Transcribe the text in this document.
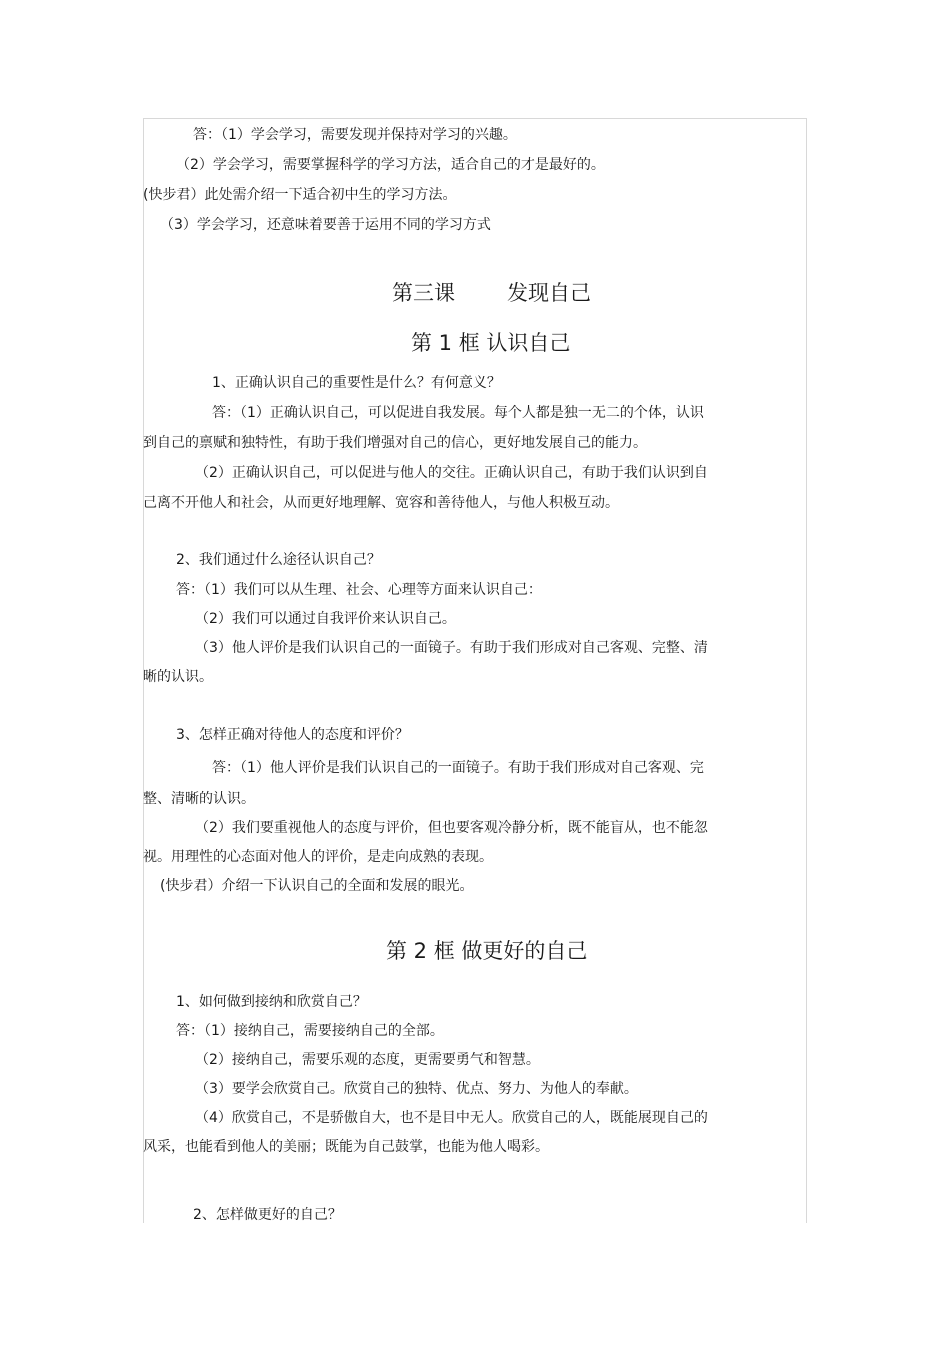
答：（1）学会学习，需要发现并保持对学习的兴趣。
（2）学会学习，需要掌握科学的学习方法，适合自己的才是最好的。
(快步君）此处需介绍一下适合初中生的学习方法。
（3）学会学习，还意味着要善于运用不同的学习方式
第三课 发现自己
第 1 框 认识自己
1、正确认识自己的重要性是什么？有何意义？
答：（1）正确认识自己，可以促进自我发展。每个人都是独一无二的个体，认识
到自己的禀赋和独特性，有助于我们增强对自己的信心，更好地发展自己的能力。
（2）正确认识自己，可以促进与他人的交往。正确认识自己，有助于我们认识到自
己离不开他人和社会，从而更好地理解、宽容和善待他人，与他人积极互动。
2、我们通过什么途径认识自己？
答：（1）我们可以从生理、社会、心理等方面来认识自己：
（2）我们可以通过自我评价来认识自己。
（3）他人评价是我们认识自己的一面镜子。有助于我们形成对自己客观、完整、清
晰的认识。
3、怎样正确对待他人的态度和评价？
答：（1）他人评价是我们认识自己的一面镜子。有助于我们形成对自己客观、完
整、清晰的认识。
（2）我们要重视他人的态度与评价，但也要客观冷静分析，既不能盲从，也不能忽
视。用理性的心态面对他人的评价，是走向成熟的表现。
(快步君）介绍一下认识自己的全面和发展的眼光。
第 2 框 做更好的自己
1、如何做到接纳和欣赏自己？
答：（1）接纳自己，需要接纳自己的全部。
（2）接纳自己，需要乐观的态度，更需要勇气和智慧。
（3）要学会欣赏自己。欣赏自己的独特、优点、努力、为他人的奉献。
（4）欣赏自己，不是骄傲自大，也不是目中无人。欣赏自己的人，既能展现自己的
风采，也能看到他人的美丽；既能为自己鼓掌，也能为他人喝彩。
2、怎样做更好的自己？
